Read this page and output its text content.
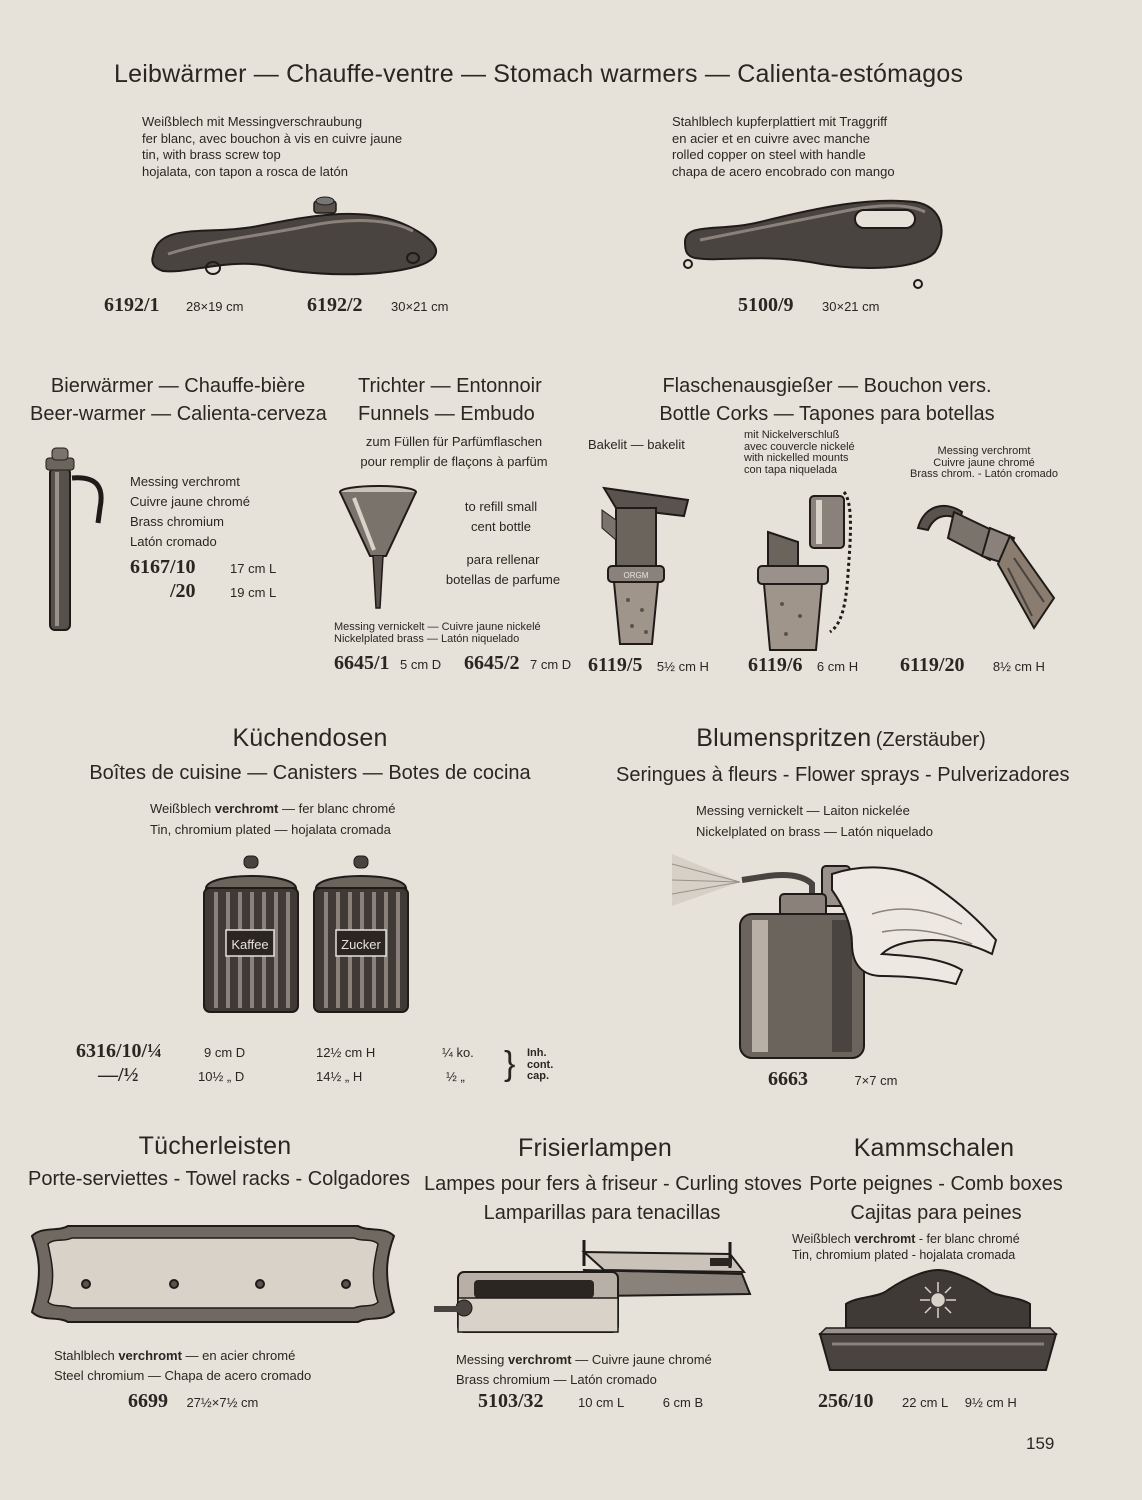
Leibwärmer — Chauffe-ventre — Stomach warmers — Calienta-estómagos
Weißblech mit Messingverschraubung
fer blanc, avec bouchon à vis en cuivre jaune
tin, with brass screw top
hojalata, con tapon a rosca de latón
Stahlblech kupferplattiert mit Traggriff
en acier et en cuivre avec manche
rolled copper on steel with handle
chapa de acero encobrado con mango
6192/1 28×19 cm	6192/2 30×21 cm	5100/9 30×21 cm
Bierwärmer — Chauffe-bière
Beer-warmer — Calienta-cerveza
Messing verchromt
Cuivre jaune chromé
Brass chromium
Latón cromado
6167/10	17 cm L
/20	19 cm L
Trichter — Entonnoir
Funnels — Embudo
zum Füllen für Parfümflaschen
pour remplir de flaçons à parfüm
to refill small
cent bottle
para rellenar
botellas de parfume
Messing vernickelt — Cuivre jaune nickelé
Nickelplated brass — Latón niquelado
6645/1 5 cm D 6645/2 7 cm D
Flaschenausgießer — Bouchon vers.
Bottle Corks — Tapones para botellas
Bakelit — bakelit
mit Nickelverschluß
avec couvercle nickelé
with nickelled mounts
con tapa niquelada
Messing verchromt
Cuivre jaune chromé
Brass chrom. - Latón cromado
ORGM
6119/5 5½ cm H 6119/6 6 cm H 6119/20 8½ cm H
Küchendosen
Boîtes de cuisine — Canisters — Botes de cocina
Weißblech verchromt — fer blanc chromé
Tin, chromium plated — hojalata cromada
Kaffee	Zucker
6316/10/¼	9 cm D	12½ cm H	¼ ko.
—/½	10½ „ D	14½ „ H	½ „ } Inh.
cont.
cap.
Blumenspritzen (Zerstäuber)
Seringues à fleurs - Flower sprays - Pulverizadores
Messing vernickelt — Laiton nickelée
Nickelplated on brass — Latón niquelado
6663	7×7 cm
Tücherleisten
Porte-serviettes - Towel racks - Colgadores
Stahlblech verchromt — en acier chromé
Steel chromium — Chapa de acero cromado
6699 27½×7½ cm
Frisierlampen
Lampes pour fers à friseur - Curling stoves
Lamparillas para tenacillas
Messing verchromt — Cuivre jaune chromé
Brass chromium — Latón cromado
5103/32	10 cm L	6 cm B
Kammschalen
Porte peignes - Comb boxes
Cajitas para peines
Weißblech verchromt - fer blanc chromé
Tin, chromium plated - hojalata cromada
256/10 22 cm L 9½ cm H
159
